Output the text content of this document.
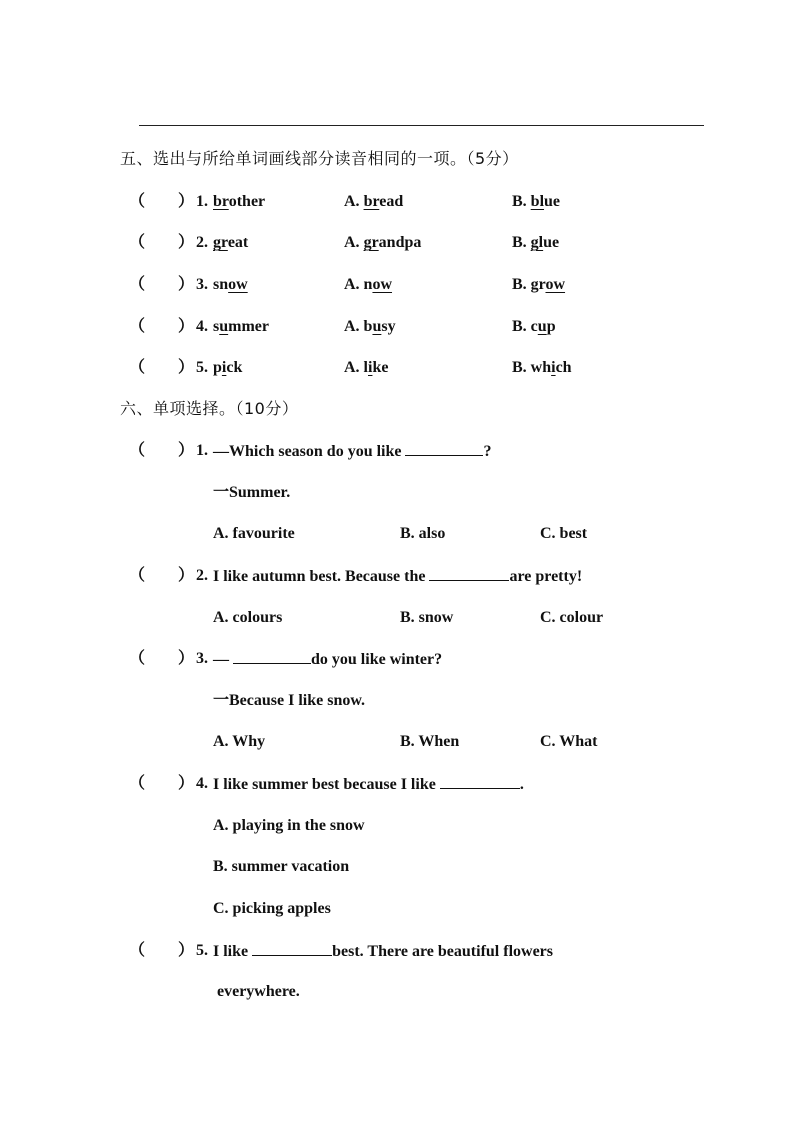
五、选出与所给单词画线部分读音相同的一项。（5分）
（ ） 1. brother	A. bread	B. blue
（ ） 2. great	A. grandpa	B. glue
（ ） 3. snow	A. now	B. grow
（ ） 4. summer	A. busy	B. cup
（ ） 5. pick	A. like	B. which
六、单项选择。（10分）
（ ） 1. —Which season do you like	?
一Summer.
A. favourite	B. also	C. best
（ ） 2. I like autumn best. Because the	are pretty!
A. colours	B. snow	C. colour
（ ） 3. —	do you like winter?
一Because I like snow.
A. Why	B. When	C. What
（ ） 4. I like summer best because I like	.
A. playing in the snow
B. summer vacation
C. picking apples
（ ） 5. I like	best. There are beautiful flowers
everywhere.
